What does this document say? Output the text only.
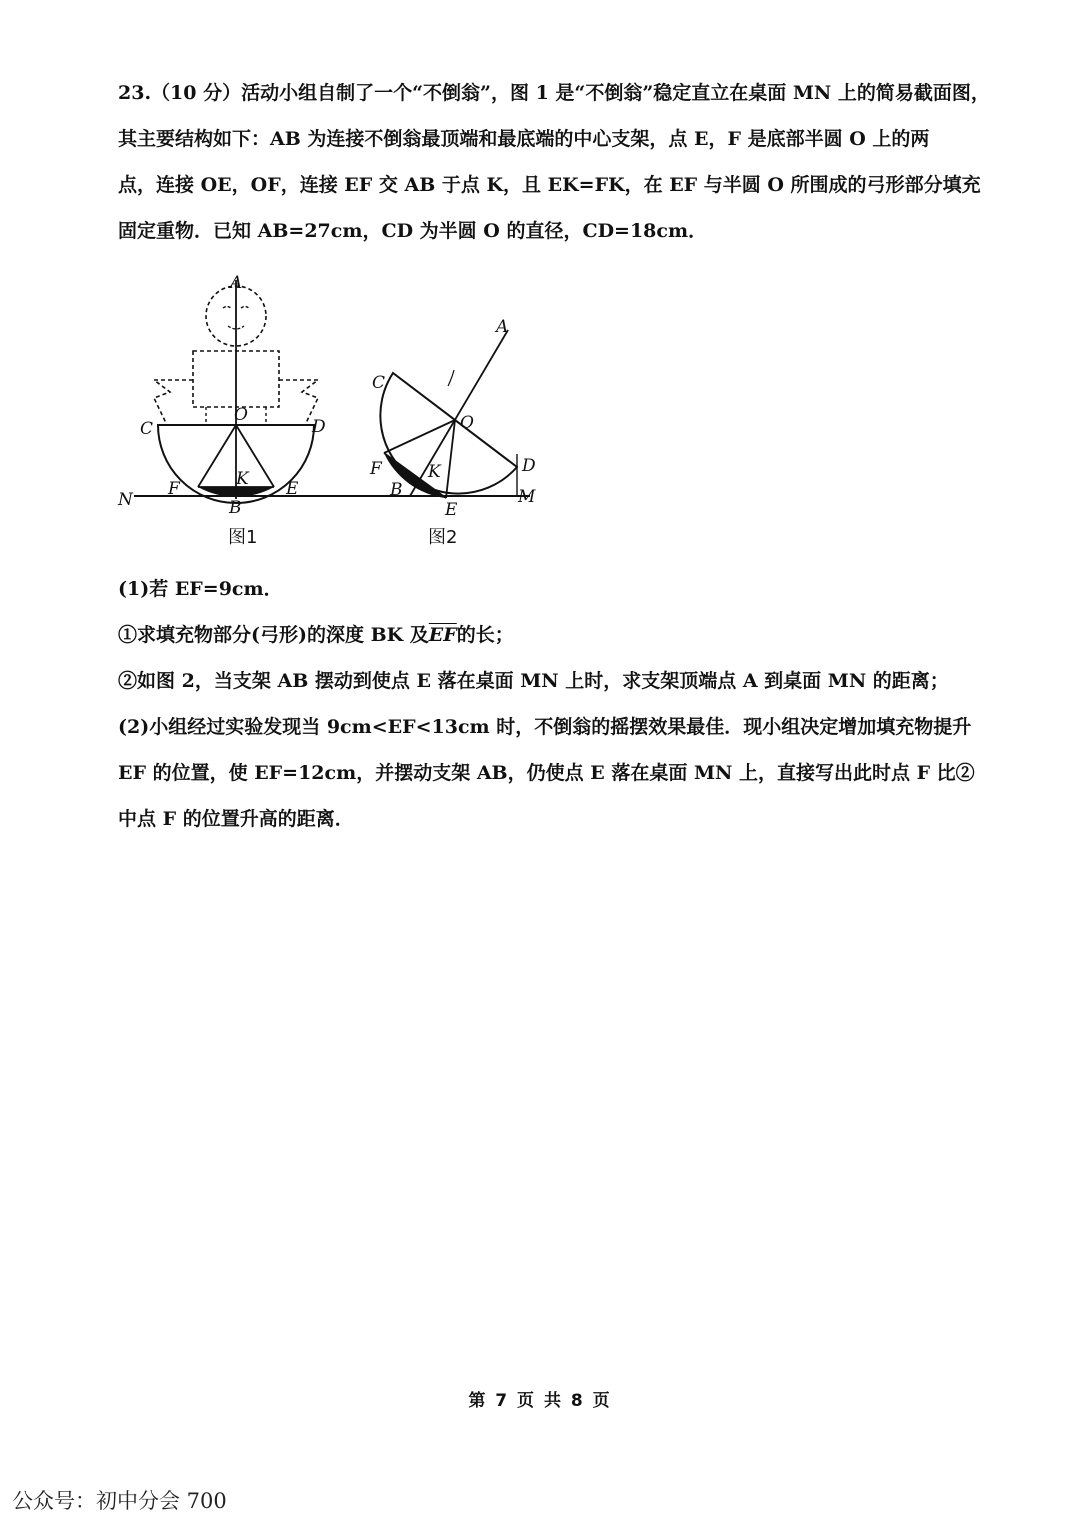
23.（10 分）活动小组自制了一个“不倒翁”，图 1 是“不倒翁”稳定直立在桌面 MN 上的简易截面图，
其主要结构如下：AB 为连接不倒翁最顶端和最底端的中心支架，点 E，F 是底部半圆 O 上的两
点，连接 OE，OF，连接 EF 交 AB 于点 K，且 EK=FK，在 EF 与半圆 O 所围成的弓形部分填充
固定重物．已知 AB=27cm，CD 为半圆 O 的直径，CD=18cm．
A
O
C	D
K
F	E
B
N
图1
A
C
O
D
F	K
B
E
M
图2
(1)若 EF=9cm．
①求填充物部分(弓形)的深度 BK 及$\overline{EF}$的长；
②如图 2，当支架 AB 摆动到使点 E 落在桌面 MN 上时，求支架顶端点 A 到桌面 MN 的距离；
(2)小组经过实验发现当 9cm<EF<13cm 时，不倒翁的摇摆效果最佳．现小组决定增加填充物提升
EF 的位置，使 EF=12cm，并摆动支架 AB，仍使点 E 落在桌面 MN 上，直接写出此时点 F 比②
中点 F 的位置升高的距离．
第 7 页 共 8 页
公众号：初中分会 700
